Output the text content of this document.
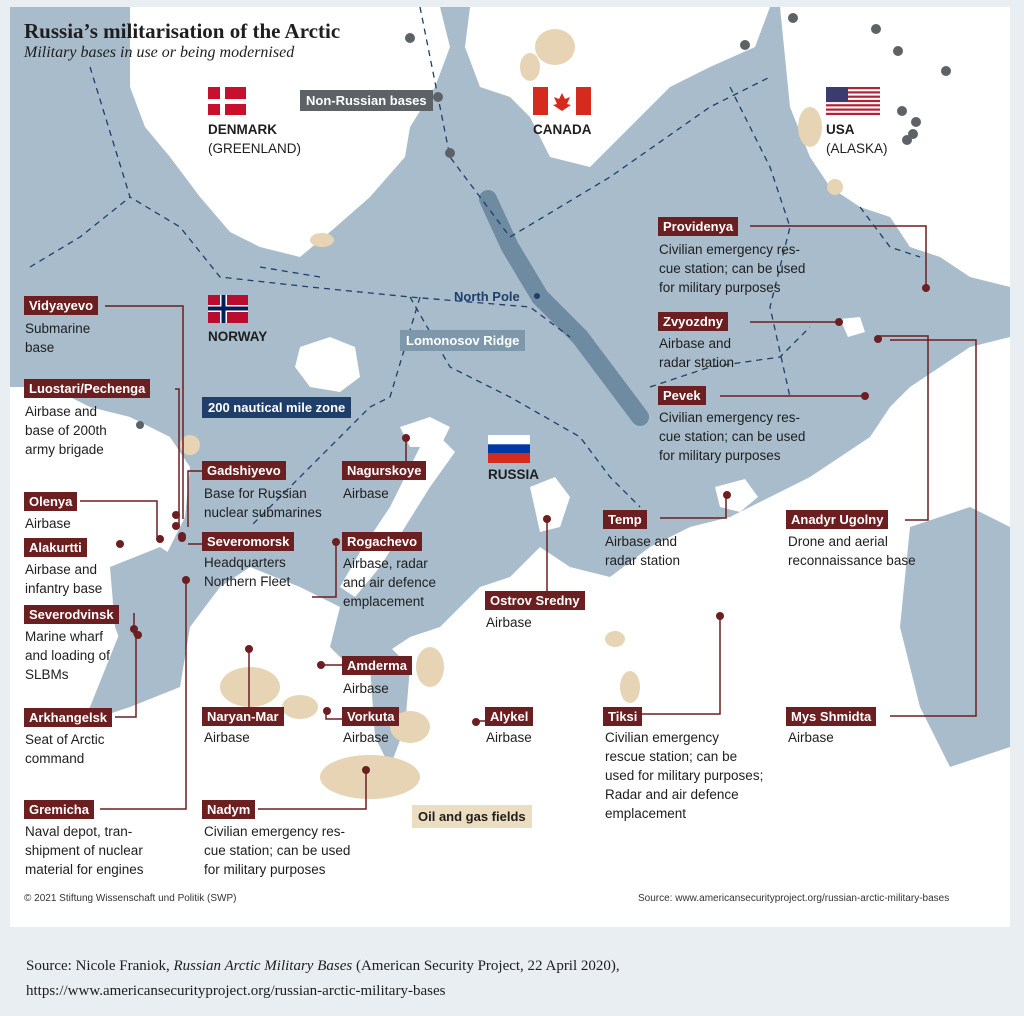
Russia’s militarisation of the Arctic
Military bases in use or being modernised
Non-Russian bases
Lomonosov Ridge
200 nautical mile zone
North Pole
Oil and gas fields
DENMARK
(GREENLAND)
CANADA	USA
(ALASKA)
NORWAY
RUSSIA
Vidyayevo
Submarine
base
Luostari/Pechenga
Airbase and
base of 200th
army brigade
Olenya
Airbase
Alakurtti
Airbase and
infantry base
Severodvinsk
Marine wharf
and loading of
SLBMs
Arkhangelsk
Seat of Arctic
command
Gremicha
Naval depot, tran-
shipment of nuclear
material for engines
Gadshiyevo
Base for Russian
nuclear submarines
Severomorsk
Headquarters
Northern Fleet
Nagurskoye
Airbase
Rogachevo
Airbase, radar
and air defence
emplacement
Amderma
Airbase
Naryan-Mar
Airbase
Vorkuta
Airbase
Alykel
Airbase
Nadym
Civilian emergency res-
cue station; can be used
for military purposes
Ostrov Sredny
Airbase
Temp
Airbase and
radar station
Tiksi
Civilian emergency
rescue station; can be
used for military purposes;
Radar and air defence
emplacement
Providenya
Civilian emergency res-
cue station; can be used
for military purposes
Zvyozdny
Airbase and
radar station
Pevek
Civilian emergency res-
cue station; can be used
for military purposes
Anadyr Ugolny
Drone and aerial
reconnaissance base
Mys Shmidta
Airbase
© 2021 Stiftung Wissenschaft und Politik (SWP)	Source: www.americansecurityproject.org/russian-arctic-military-bases
Source: Nicole Franiok, Russian Arctic Military Bases (American Security Project, 22 April 2020),
https://www.americansecurityproject.org/russian-arctic-military-bases
